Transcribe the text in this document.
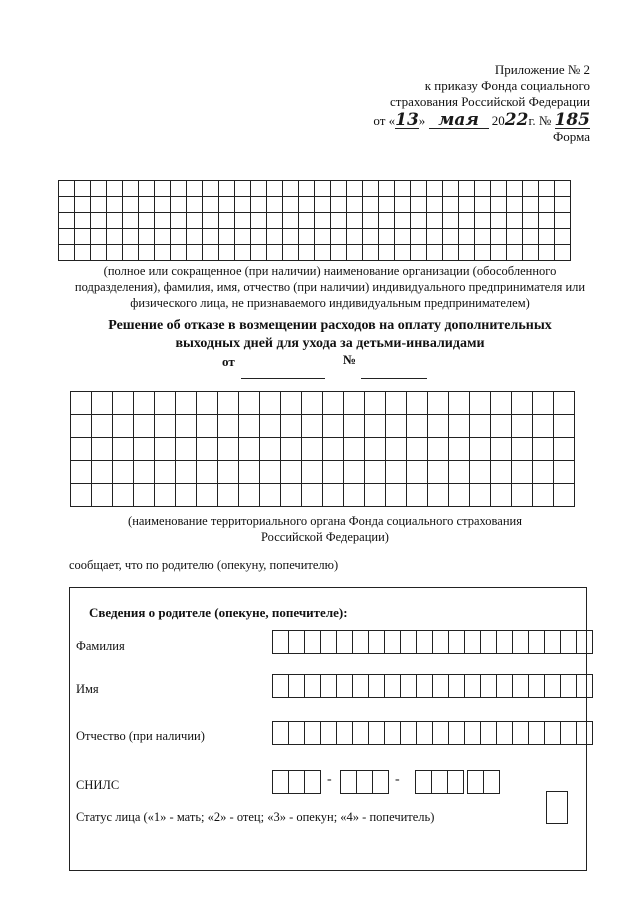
Приложение № 2
к приказу Фонда социального
страхования Российской Федерации
от «13» мая 2022г. № 185
Форма

(полное или сокращенное (при наличии) наименование организации (обособленного
подразделения), фамилия, имя, отчество (при наличии) индивидуального предпринимателя или
физического лица, не признаваемого индивидуальным предпринимателем)
Решение об отказе в возмещении расходов на оплату дополнительных
выходных дней для ухода за детьми-инвалидами
от	№

(наименование территориального органа Фонда социального страхования
Российской Федерации)
сообщает, что по родителю (опекуну, попечителю)
Сведения о родителе (опекуне, попечителе):
Фамилия
Имя
Отчество (при наличии)
СНИЛС	-	-
Статус лица («1» - мать; «2» - отец; «3» - опекун; «4» - попечитель)
